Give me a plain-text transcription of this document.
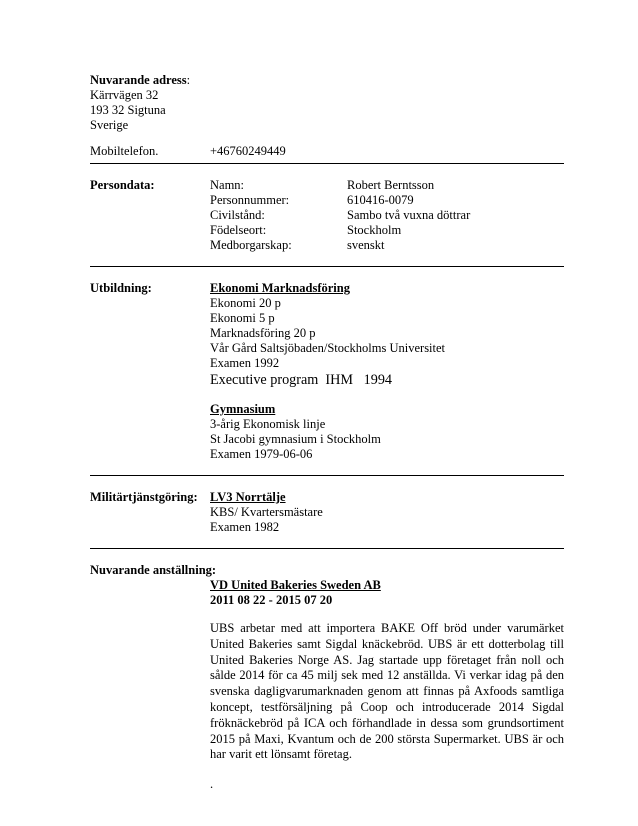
Nuvarande adress:
Kärrvägen 32
193 32 Sigtuna
Sverige
Mobiltelefon.	+46760249449
Persondata:	Namn:	Robert Berntsson
Personnummer:	610416-0079
Civilstånd:	Sambo två vuxna döttrar
Födelseort:	Stockholm
Medborgarskap:	svenskt
Utbildning:	Ekonomi Marknadsföring
Ekonomi 20 p
Ekonomi 5 p
Marknadsföring 20 p
Vår Gård Saltsjöbaden/Stockholms Universitet
Examen 1992
Executive program  IHM   1994
Gymnasium
3-årig Ekonomisk linje
St Jacobi gymnasium i Stockholm
Examen 1979-06-06
Militärtjänstgöring: LV3 Norrtälje
KBS/ Kvartersmästare
Examen 1982
Nuvarande anställning:
VD United Bakeries Sweden AB
2011 08 22 - 2015 07 20
UBS arbetar med att importera BAKE Off bröd under varumärket United Bakeries samt Sigdal knäckebröd. UBS är ett dotterbolag till United Bakeries Norge AS. Jag startade upp företaget från noll och sålde 2014 för ca 45 milj sek med 12 anställda. Vi verkar idag på den svenska dagligvarumarknaden genom att finnas på Axfoods samtliga koncept, testförsäljning på Coop och introducerade 2014 Sigdal fröknäckebröd på ICA och förhandlade in dessa som grundsortiment 2015 på Maxi, Kvantum och de 200 största Supermarket. UBS är och har varit ett lönsamt företag.
.
